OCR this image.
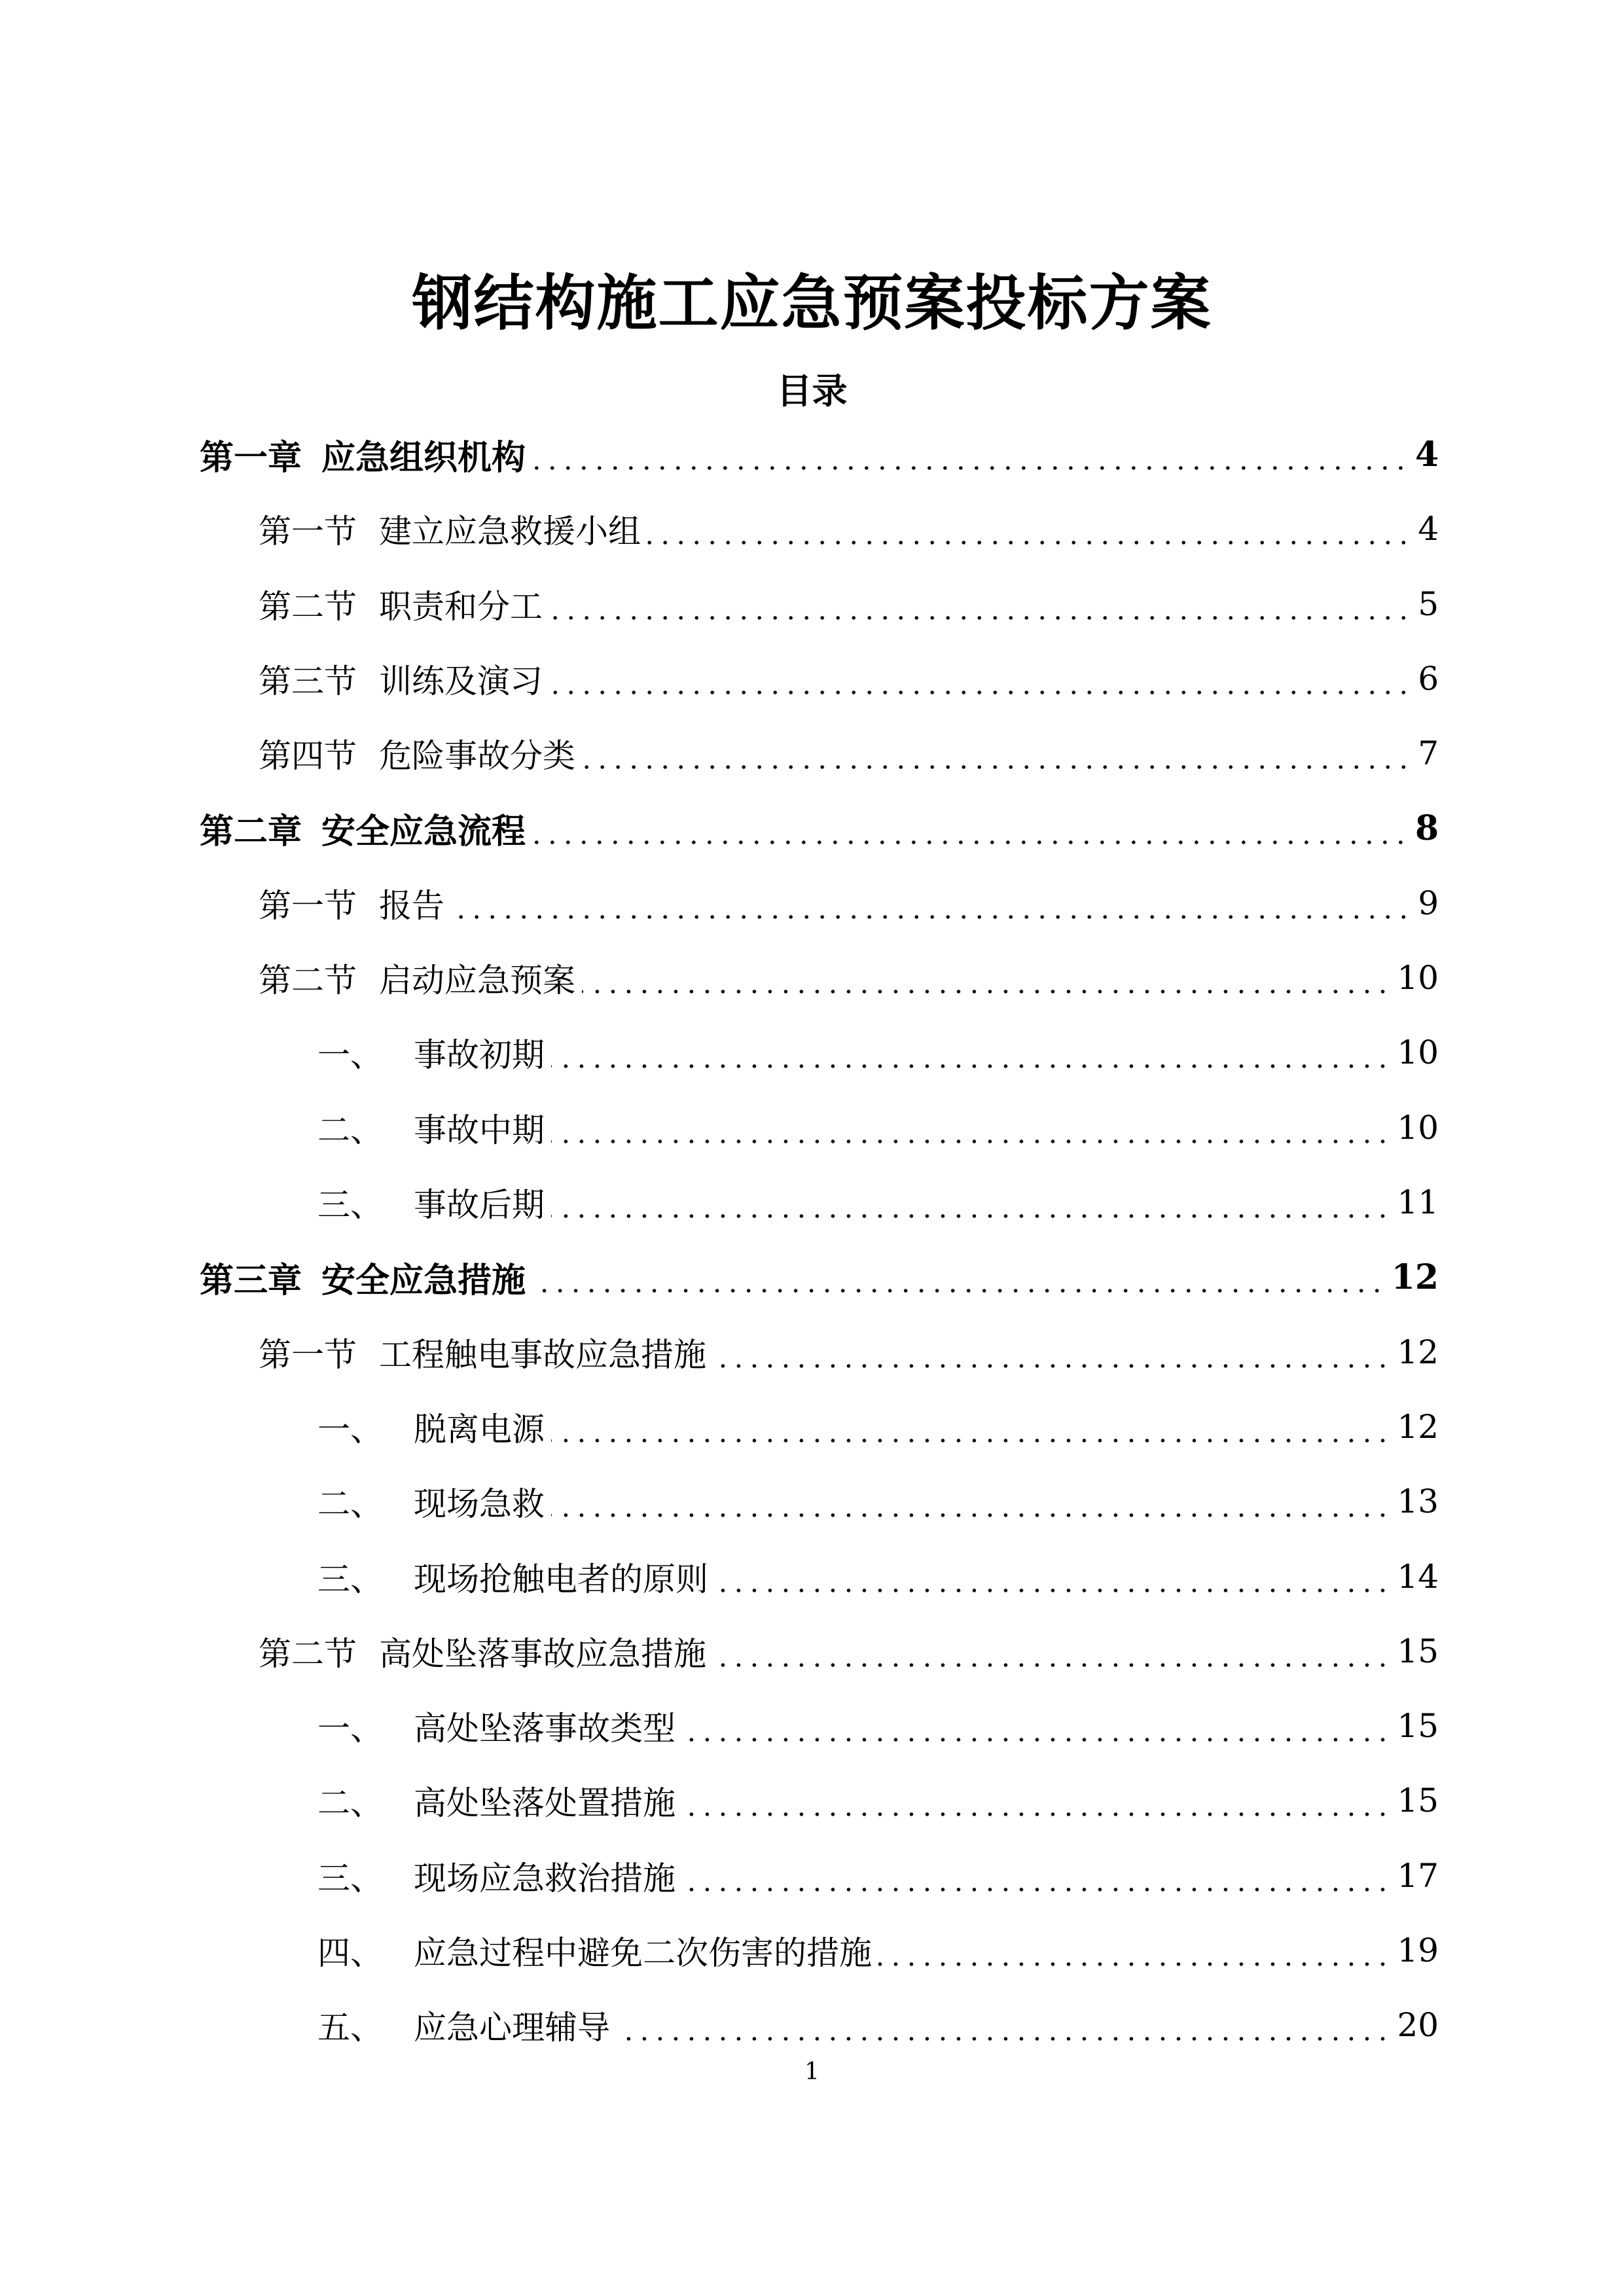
钢结构施工应急预案投标方案
目录
第一章 应急组织机构	4
第一节 建立应急救援小组	4
第二节 职责和分工	5
第三节 训练及演习	6
第四节 危险事故分类	7
第二章 安全应急流程	8
第一节 报告	9
第二节 启动应急预案	10
一、 事故初期	10
二、 事故中期	10
三、 事故后期	11
第三章 安全应急措施	12
第一节 工程触电事故应急措施	12
一、 脱离电源	12
二、 现场急救	13
三、 现场抢触电者的原则	14
第二节 高处坠落事故应急措施	15
一、 高处坠落事故类型	15
二、 高处坠落处置措施	15
三、 现场应急救治措施	17
四、 应急过程中避免二次伤害的措施	19
五、 应急心理辅导	20
1
